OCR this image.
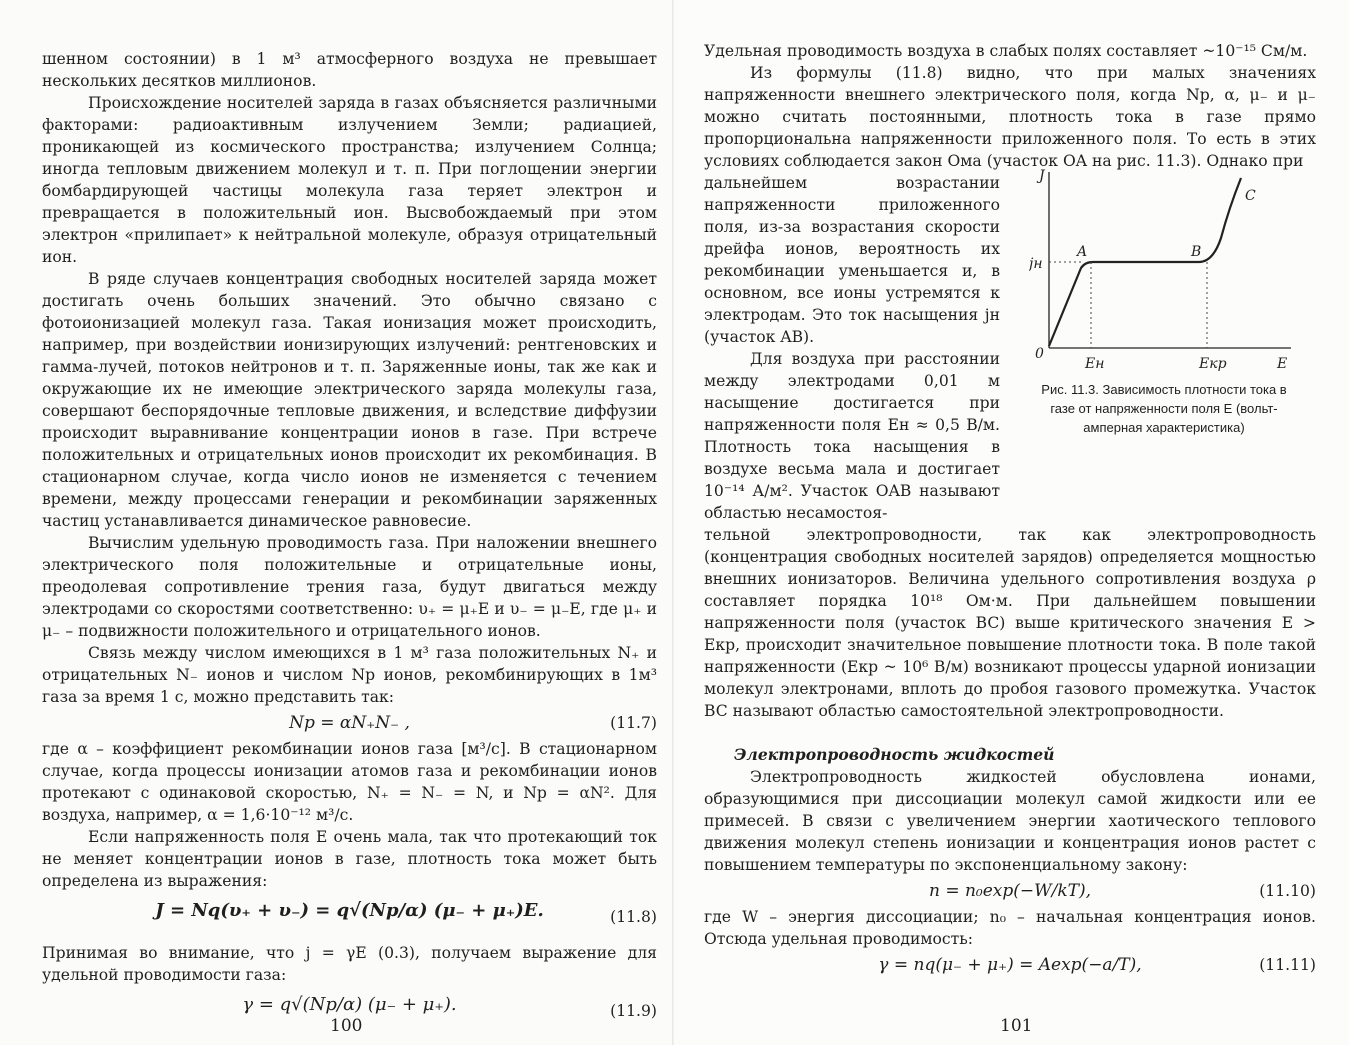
шенном состоянии) в 1 м³ атмосферного воздуха не превышает нескольких десятков миллионов.

Происхождение носителей заряда в газах объясняется различными факторами: радиоактивным излучением Земли; радиацией, проникающей из космического пространства; излучением Солнца; иногда тепловым движением молекул и т. п. При поглощении энергии бомбардирующей частицы молекула газа теряет электрон и превращается в положительный ион. Высвобождаемый при этом электрон «прилипает» к нейтральной молекуле, образуя отрицательный ион.

В ряде случаев концентрация свободных носителей заряда может достигать очень больших значений. Это обычно связано с фотоионизацией молекул газа. Такая ионизация может происходить, например, при воздействии ионизирующих излучений: рентгеновских и гамма-лучей, потоков нейтронов и т. п. Заряженные ионы, так же как и окружающие их не имеющие электрического заряда молекулы газа, совершают беспорядочные тепловые движения, и вследствие диффузии происходит выравнивание концентрации ионов в газе. При встрече положительных и отрицательных ионов происходит их рекомбинация. В стационарном случае, когда число ионов не изменяется с течением времени, между процессами генерации и рекомбинации заряженных частиц устанавливается динамическое равновесие.

Вычислим удельную проводимость газа. При наложении внешнего электрического поля положительные и отрицательные ионы, преодолевая сопротивление трения газа, будут двигаться между электродами со скоростями соответственно: υ₊ = μ₊E и υ₋ = μ₋E, где μ₊ и μ₋ – подвижности положительного и отрицательного ионов.

Связь между числом имеющихся в 1 м³ газа положительных N₊ и отрицательных N₋ ионов и числом Nр ионов, рекомбинирующих в 1м³ газа за время 1 с, можно представить так:

Nр = αN₊N₋ ,	(11.7)

где α – коэффициент рекомбинации ионов газа [м³/с]. В стационарном случае, когда процессы ионизации атомов газа и рекомбинации ионов протекают с одинаковой скоростью, N₊ = N₋ = N, и Nр = αN². Для воздуха, например, α = 1,6·10⁻¹² м³/с.

Если напряженность поля E очень мала, так что протекающий ток не меняет концентрации ионов в газе, плотность тока может быть определена из выражения:

J = Nq(υ₊ + υ₋) = q√(Nр/α) (μ₋ + μ₊)E.	(11.8)

Принимая во внимание, что j = γE (0.3), получаем выражение для удельной проводимости газа:

γ = q√(Nр/α) (μ₋ + μ₊).	(11.9)
100

Удельная проводимость воздуха в слабых полях составляет ~10⁻¹⁵ См/м.

Из формулы (11.8) видно, что при малых значениях напряженности внешнего электрического поля, когда Nр, α, μ₋ и μ₋ можно считать постоянными, плотность тока в газе прямо пропорциональна напряженности приложенного поля. То есть в этих условиях соблюдается закон Ома (участок OA на рис. 11.3). Однако при

дальнейшем возрастании напряженности приложенного поля, из-за возрастания скорости дрейфа ионов, вероятность их рекомбинации уменьшается и, в основном, все ионы устремятся к электродам. Это ток насыщения jн (участок AB).

Для воздуха при расстоянии между электродами 0,01 м насыщение достигается при напряженности поля Eн ≈ 0,5 В/м. Плотность тока насыщения в воздухе весьма мала и достигает 10⁻¹⁴ А/м². Участок OAB называют областью несамостоя-

тельной электропроводности, так как электропроводность (концентрация свободных носителей зарядов) определяется мощностью внешних ионизаторов. Величина удельного сопротивления воздуха ρ составляет порядка 10¹⁸ Ом·м. При дальнейшем повышении напряженности поля (участок BC) выше критического значения E > Eкр, происходит значительное повышение плотности тока. В поле такой напряженности (Eкр ~ 10⁶ В/м) возникают процессы ударной ионизации молекул электронами, вплоть до пробоя газового промежутка. Участок BC называют областью самостоятельной электропроводности.

Электропроводность жидкостей

Электропроводность жидкостей обусловлена ионами, образующимися при диссоциации молекул самой жидкости или ее примесей. В связи с увеличением энергии хаотического теплового движения молекул степень ионизации и концентрация ионов растет с повышением температуры по экспоненциальному закону:

n = n₀exp(−W/kT),	(11.10)

где W – энергия диссоциации; n₀ – начальная концентрация ионов. Отсюда удельная проводимость:

γ = nq(μ₋ + μ₊) = Aexp(−a/T),	(11.11)
J
E
0
jн
Eн	Eкр
A	B
C
Рис. 11.3. Зависимость плотности тока в газе от напряженности поля E (вольт-амперная характеристика)
101
